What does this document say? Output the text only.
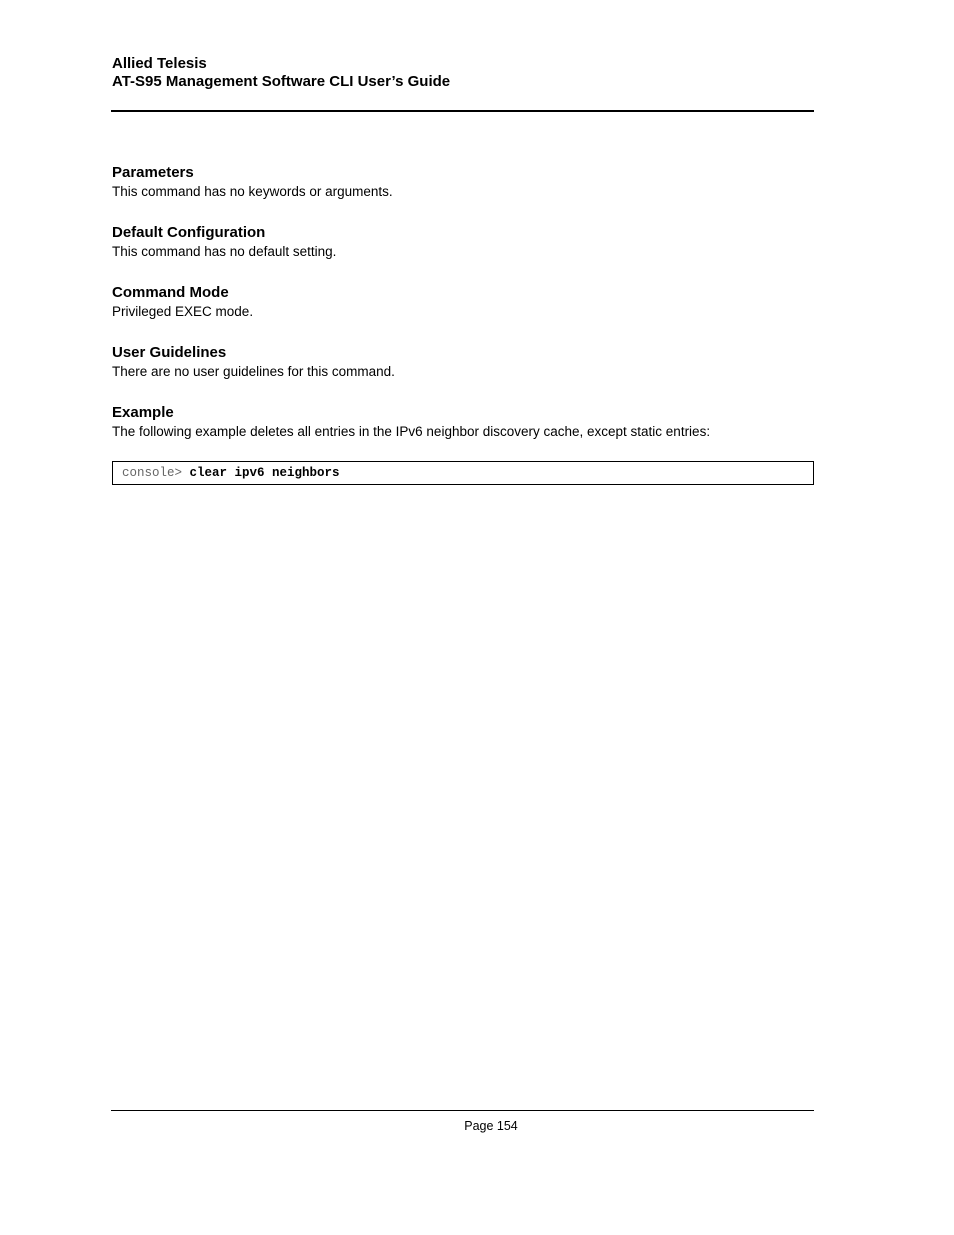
Allied Telesis
AT-S95 Management Software CLI User’s Guide
Parameters

This command has no keywords or arguments.

Default Configuration

This command has no default setting.

Command Mode

Privileged EXEC mode.

User Guidelines

There are no user guidelines for this command.

Example

The following example deletes all entries in the IPv6 neighbor discovery cache, except static entries:

console> clear ipv6 neighbors
Page 154
